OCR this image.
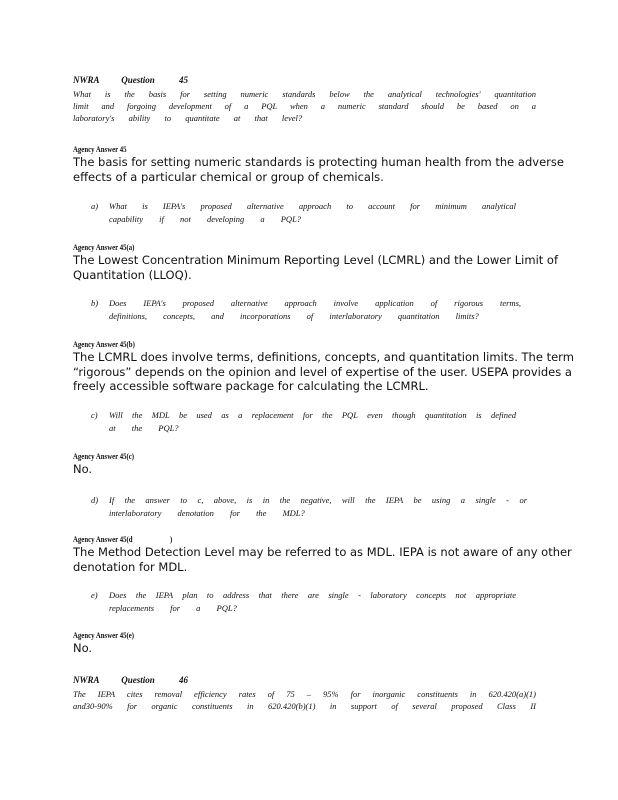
NWRA Question	45
What is the basis for setting numeric standards below the analytical technologies' quantitation
limit and forgoing development of a PQL when a numeric standard should be based on a
laboratory's ability to quantitate at that level?
Agency Answer 45
The basis for setting numeric standards is protecting human health from the adverse effects of a particular chemical or group of chemicals.
a) What is IEPA's proposed alternative approach to account for minimum analytical
capability if not developing a PQL?
Agency Answer 45(a)
The Lowest Concentration Minimum Reporting Level (LCMRL) and the Lower Limit of Quantitation (LLOQ).
b) Does IEPA's proposed alternative approach involve application of rigorous terms,
definitions, concepts, and incorporations of interlaboratory quantitation limits?
Agency Answer 45(b)
The LCMRL does involve terms, definitions, concepts, and quantitation limits. The term “rigorous” depends on the opinion and level of expertise of the user. USEPA provides a freely accessible software package for calculating the LCMRL.
c) Will the MDL be used as a replacement for the PQL even though quantitation is defined
at the PQL?
Agency Answer 45(c)
No.
d) If the answer to c, above, is in the negative, will the IEPA be using a single - or
interlaboratory denotation for the MDL?
Agency Answer 45(d	)
The Method Detection Level may be referred to as MDL. IEPA is not aware of any other denotation for MDL.
e) Does the IEPA plan to address that there are single - laboratory concepts not appropriate
replacements for a PQL?
Agency Answer 45(e)
No.
NWRA Question	46
The IEPA cites removal efficiency rates of 75 – 95% for inorganic constituents in 620.420(a)(1)
and30-90% for organic constituents in 620.420(b)(1) in support of several proposed Class II
